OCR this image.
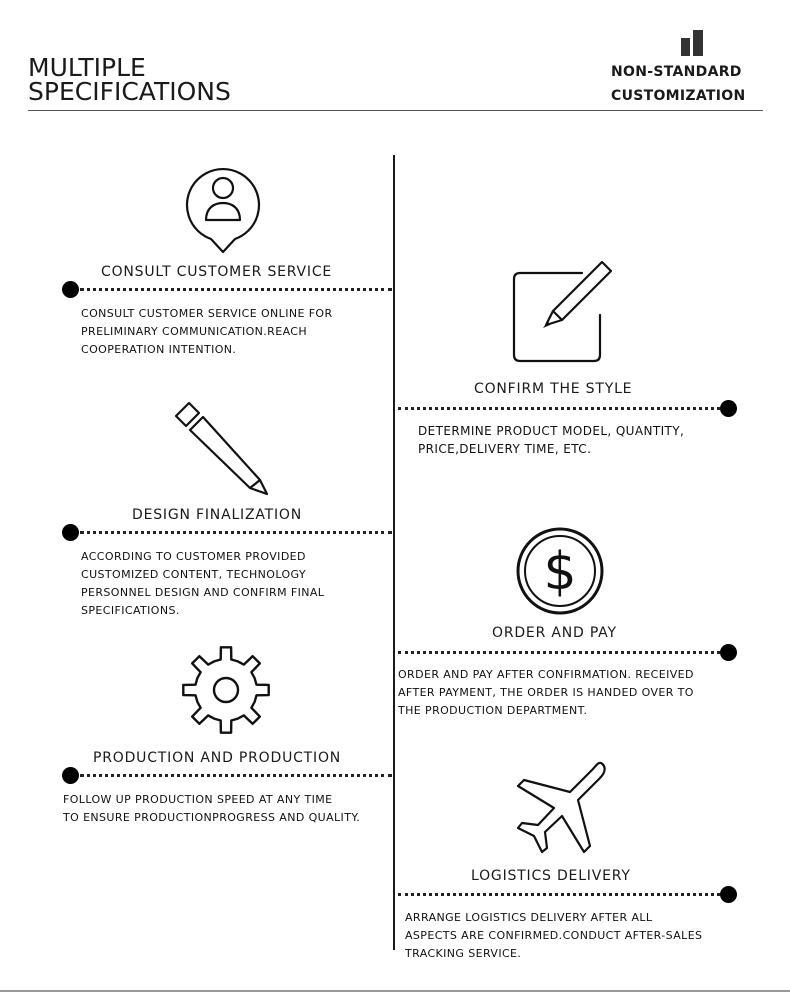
MULTIPLE
SPECIFICATIONS

NON-STANDARD
CUSTOMIZATION

CONSULT CUSTOMER SERVICE

CONSULT CUSTOMER SERVICE ONLINE FOR
PRELIMINARY COMMUNICATION.REACH
COOPERATION INTENTION.

CONFIRM THE STYLE

DETERMINE PRODUCT MODEL, QUANTITY,
PRICE,DELIVERY TIME, ETC.

DESIGN FINALIZATION

ACCORDING TO CUSTOMER PROVIDED
CUSTOMIZED CONTENT, TECHNOLOGY
PERSONNEL DESIGN AND CONFIRM FINAL
SPECIFICATIONS.

$
ORDER AND PAY

ORDER AND PAY AFTER CONFIRMATION. RECEIVED
AFTER PAYMENT, THE ORDER IS HANDED OVER TO
THE PRODUCTION DEPARTMENT.

PRODUCTION AND PRODUCTION

FOLLOW UP PRODUCTION SPEED AT ANY TIME
TO ENSURE PRODUCTIONPROGRESS AND QUALITY.

LOGISTICS DELIVERY

ARRANGE LOGISTICS DELIVERY AFTER ALL
ASPECTS ARE CONFIRMED.CONDUCT AFTER-SALES
TRACKING SERVICE.
